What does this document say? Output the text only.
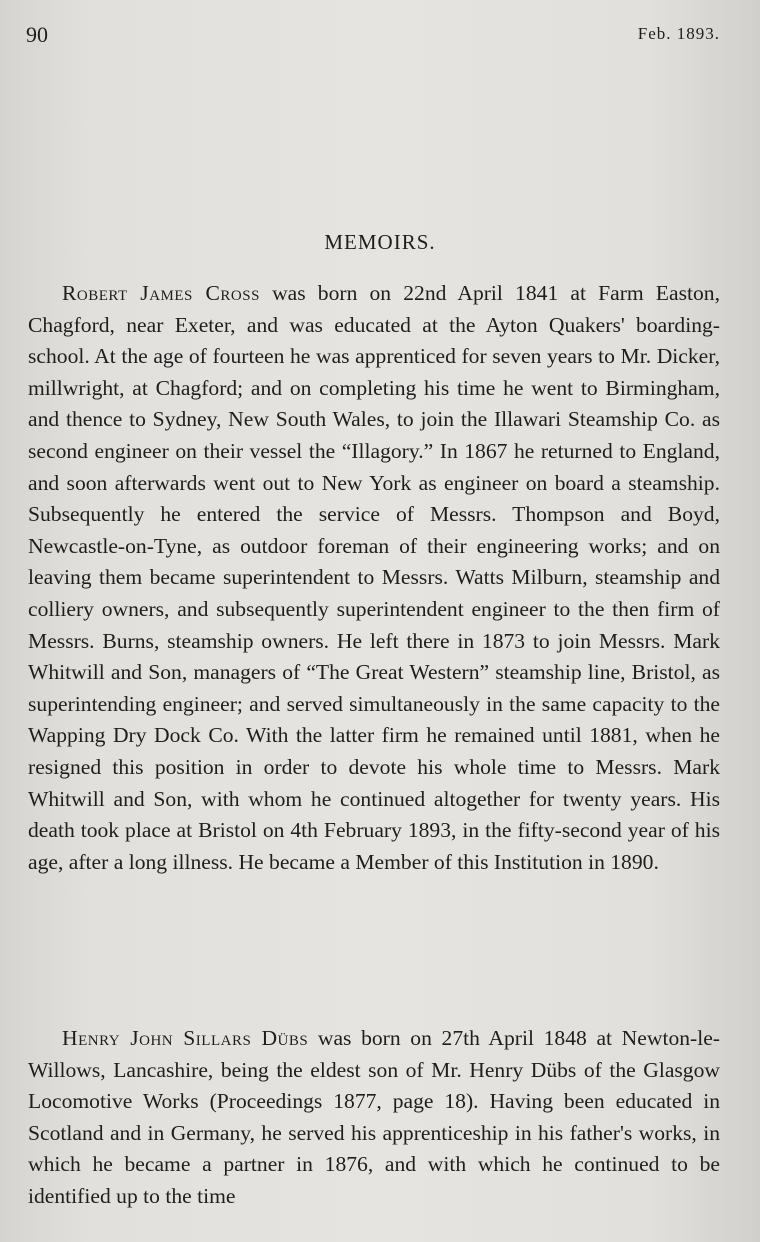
90	Feb. 1893.
MEMOIRS.

Robert James Cross was born on 22nd April 1841 at Farm Easton, Chagford, near Exeter, and was educated at the Ayton Quakers' boarding-school. At the age of fourteen he was apprenticed for seven years to Mr. Dicker, millwright, at Chagford; and on completing his time he went to Birmingham, and thence to Sydney, New South Wales, to join the Illawari Steamship Co. as second engineer on their vessel the “Illagory.” In 1867 he returned to England, and soon afterwards went out to New York as engineer on board a steamship. Subsequently he entered the service of Messrs. Thompson and Boyd, Newcastle-on-Tyne, as outdoor foreman of their engineering works; and on leaving them became superintendent to Messrs. Watts Milburn, steamship and colliery owners, and subsequently superintendent engineer to the then firm of Messrs. Burns, steamship owners. He left there in 1873 to join Messrs. Mark Whitwill and Son, managers of “The Great Western” steamship line, Bristol, as superintending engineer; and served simultaneously in the same capacity to the Wapping Dry Dock Co. With the latter firm he remained until 1881, when he resigned this position in order to devote his whole time to Messrs. Mark Whitwill and Son, with whom he continued altogether for twenty years. His death took place at Bristol on 4th February 1893, in the fifty-second year of his age, after a long illness. He became a Member of this Institution in 1890.

Henry John Sillars Dübs was born on 27th April 1848 at Newton-le-Willows, Lancashire, being the eldest son of Mr. Henry Dübs of the Glasgow Locomotive Works (Proceedings 1877, page 18). Having been educated in Scotland and in Germany, he served his apprenticeship in his father's works, in which he became a partner in 1876, and with which he continued to be identified up to the time
